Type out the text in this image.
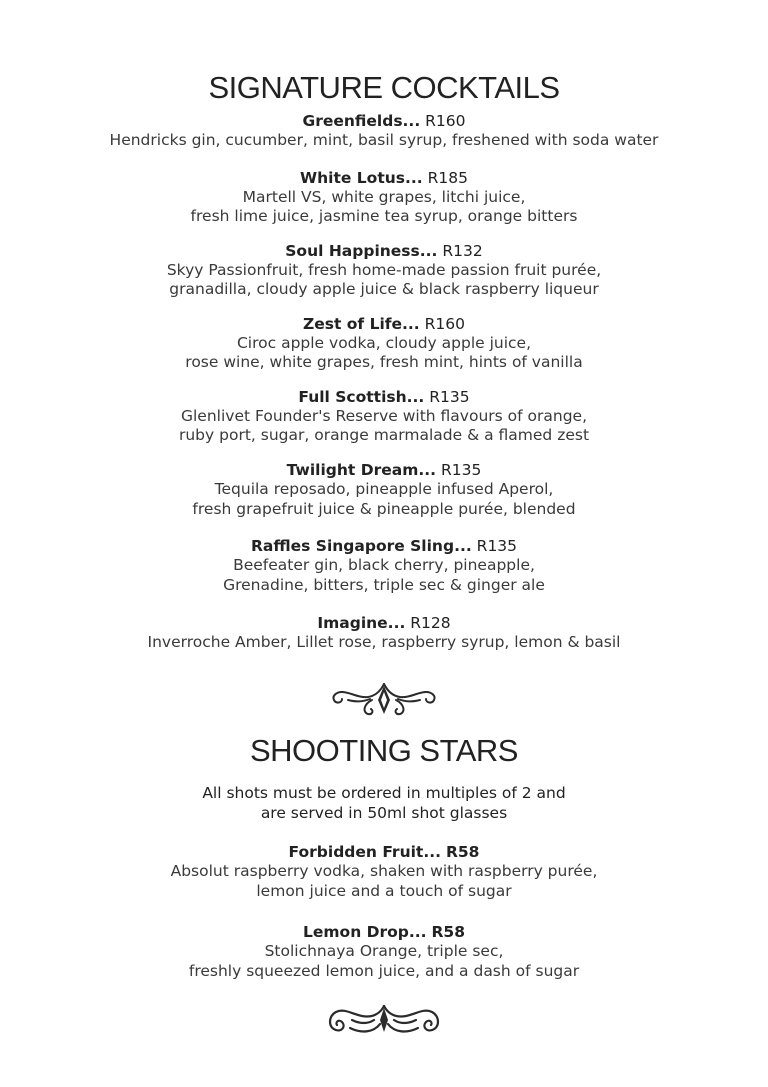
SIGNATURE COCKTAILS
Greenfields... R160
Hendricks gin, cucumber, mint, basil syrup, freshened with soda water
White Lotus... R185
Martell VS, white grapes, litchi juice,
fresh lime juice, jasmine tea syrup, orange bitters
Soul Happiness... R132
Skyy Passionfruit, fresh home-made passion fruit purée,
granadilla, cloudy apple juice & black raspberry liqueur
Zest of Life... R160
Ciroc apple vodka, cloudy apple juice,
rose wine, white grapes, fresh mint, hints of vanilla
Full Scottish... R135
Glenlivet Founder's Reserve with flavours of orange,
ruby port, sugar, orange marmalade & a flamed zest
Twilight Dream... R135
Tequila reposado, pineapple infused Aperol,
fresh grapefruit juice & pineapple purée, blended
Raffles Singapore Sling... R135
Beefeater gin, black cherry, pineapple,
Grenadine, bitters, triple sec & ginger ale
Imagine... R128
Inverroche Amber, Lillet rose, raspberry syrup, lemon & basil
SHOOTING STARS
All shots must be ordered in multiples of 2 and
are served in 50ml shot glasses
Forbidden Fruit... R58
Absolut raspberry vodka, shaken with raspberry purée,
lemon juice and a touch of sugar
Lemon Drop... R58
Stolichnaya Orange, triple sec,
freshly squeezed lemon juice, and a dash of sugar
